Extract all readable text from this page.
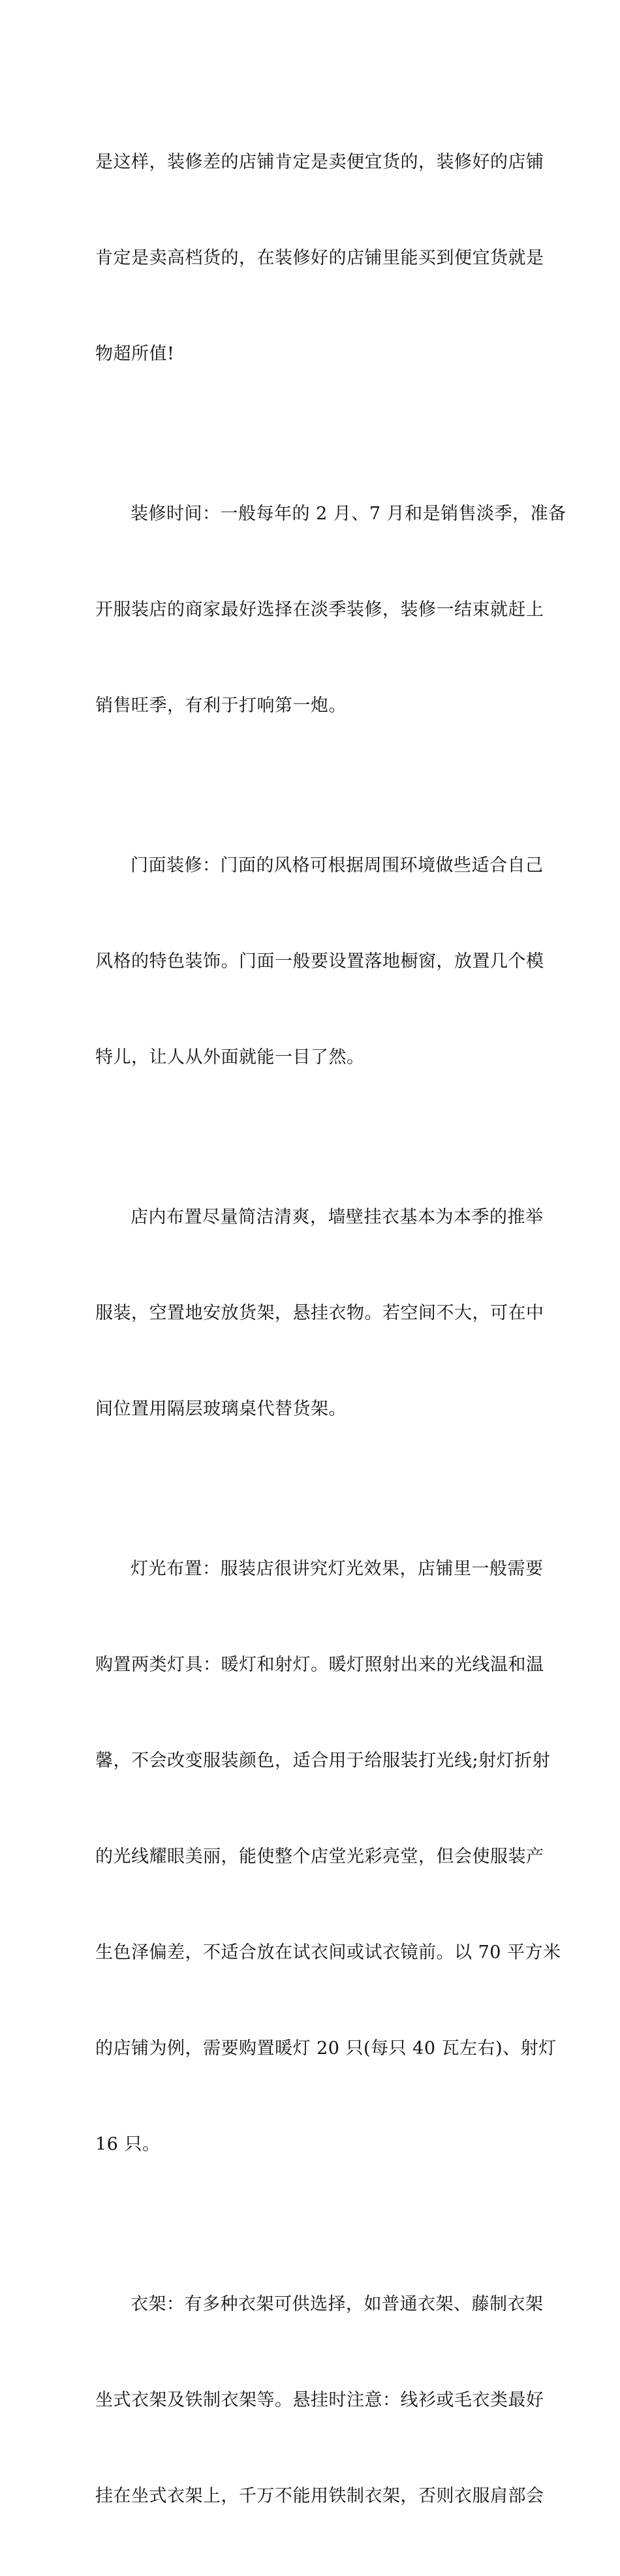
是这样，装修差的店铺肯定是卖便宜货的，装修好的店铺

肯定是卖高档货的，在装修好的店铺里能买到便宜货就是

物超所值!

装修时间：一般每年的 2 月、7 月和是销售淡季，准备

开服装店的商家最好选择在淡季装修，装修一结束就赶上

销售旺季，有利于打响第一炮。

门面装修：门面的风格可根据周围环境做些适合自己

风格的特色装饰。门面一般要设置落地橱窗，放置几个模

特儿，让人从外面就能一目了然。

店内布置尽量简洁清爽，墙壁挂衣基本为本季的推举

服装，空置地安放货架，悬挂衣物。若空间不大，可在中

间位置用隔层玻璃桌代替货架。

灯光布置：服装店很讲究灯光效果，店铺里一般需要

购置两类灯具：暖灯和射灯。暖灯照射出来的光线温和温

馨，不会改变服装颜色，适合用于给服装打光线;射灯折射

的光线耀眼美丽，能使整个店堂光彩亮堂，但会使服装产

生色泽偏差，不适合放在试衣间或试衣镜前。以 70 平方米

的店铺为例，需要购置暖灯 20 只(每只 40 瓦左右)、射灯

16 只。

衣架：有多种衣架可供选择，如普通衣架、藤制衣架

坐式衣架及铁制衣架等。悬挂时注意：线衫或毛衣类最好

挂在坐式衣架上，千万不能用铁制衣架，否则衣服肩部会
